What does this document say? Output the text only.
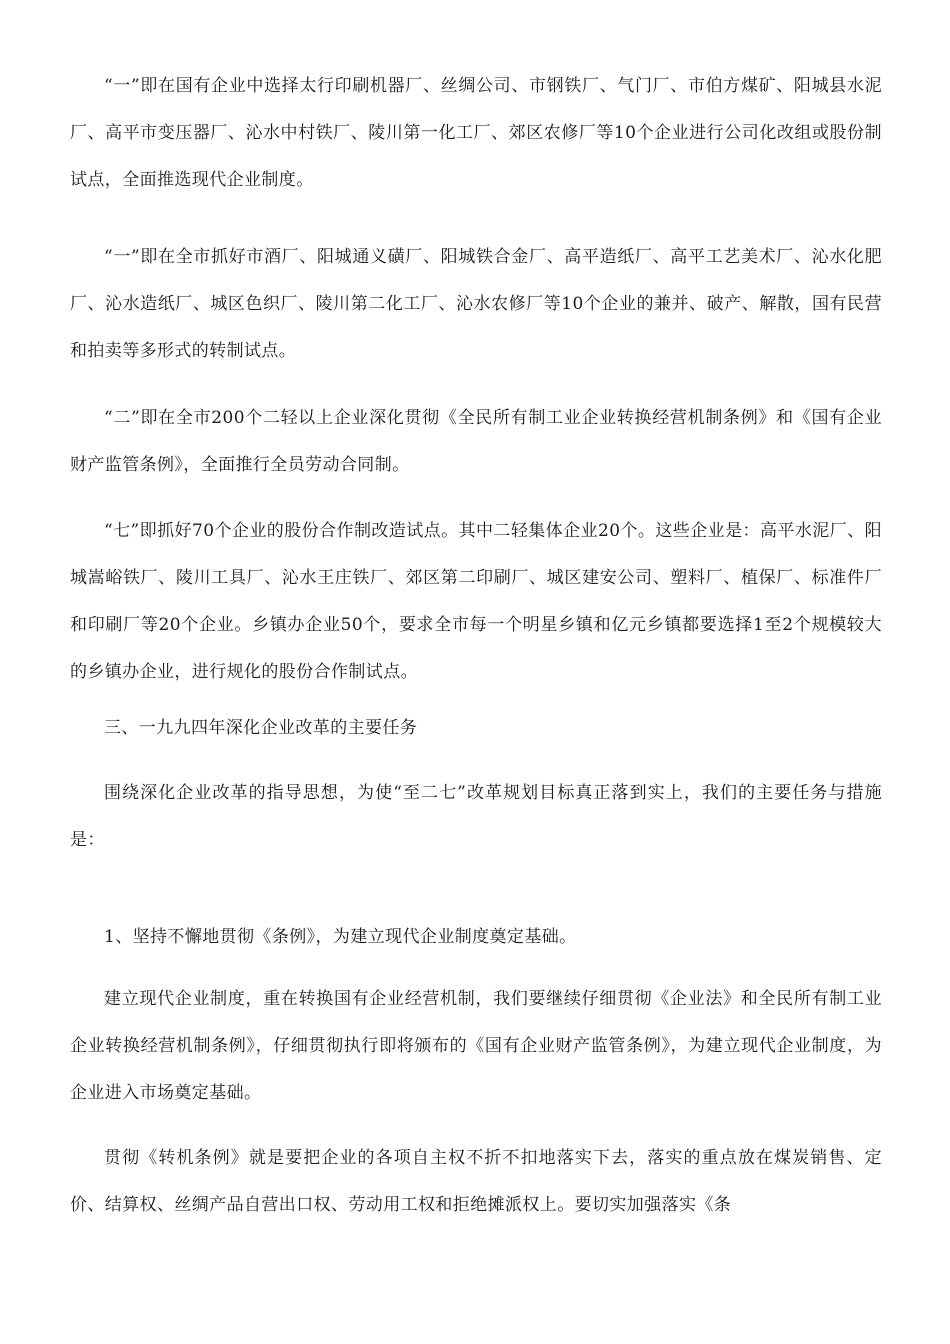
“一”即在国有企业中选择太行印刷机器厂、丝绸公司、市钢铁厂、气门厂、市伯方煤矿、阳城县水泥厂、高平市变压器厂、沁水中村铁厂、陵川第一化工厂、郊区农修厂等10个企业进行公司化改组或股份制试点，全面推选现代企业制度。

“一”即在全市抓好市酒厂、阳城通义磺厂、阳城铁合金厂、高平造纸厂、高平工艺美术厂、沁水化肥厂、沁水造纸厂、城区色织厂、陵川第二化工厂、沁水农修厂等10个企业的兼并、破产、解散，国有民营和拍卖等多形式的转制试点。

“二”即在全市200个二轻以上企业深化贯彻《全民所有制工业企业转换经营机制条例》和《国有企业财产监管条例》，全面推行全员劳动合同制。

“七”即抓好70个企业的股份合作制改造试点。其中二轻集体企业20个。这些企业是：高平水泥厂、阳城嵩峪铁厂、陵川工具厂、沁水王庄铁厂、郊区第二印刷厂、城区建安公司、塑料厂、植保厂、标准件厂和印刷厂等20个企业。乡镇办企业50个，要求全市每一个明星乡镇和亿元乡镇都要选择1至2个规模较大的乡镇办企业，进行规化的股份合作制试点。

三、一九九四年深化企业改革的主要任务

围绕深化企业改革的指导思想，为使“至二七”改革规划目标真正落到实上，我们的主要任务与措施是：

1、坚持不懈地贯彻《条例》，为建立现代企业制度奠定基础。

建立现代企业制度，重在转换国有企业经营机制，我们要继续仔细贯彻《企业法》和全民所有制工业企业转换经营机制条例》，仔细贯彻执行即将颁布的《国有企业财产监管条例》，为建立现代企业制度，为企业进入市场奠定基础。

贯彻《转机条例》就是要把企业的各项自主权不折不扣地落实下去，落实的重点放在煤炭销售、定价、结算权、丝绸产品自营出口权、劳动用工权和拒绝摊派权上。要切实加强落实《条
